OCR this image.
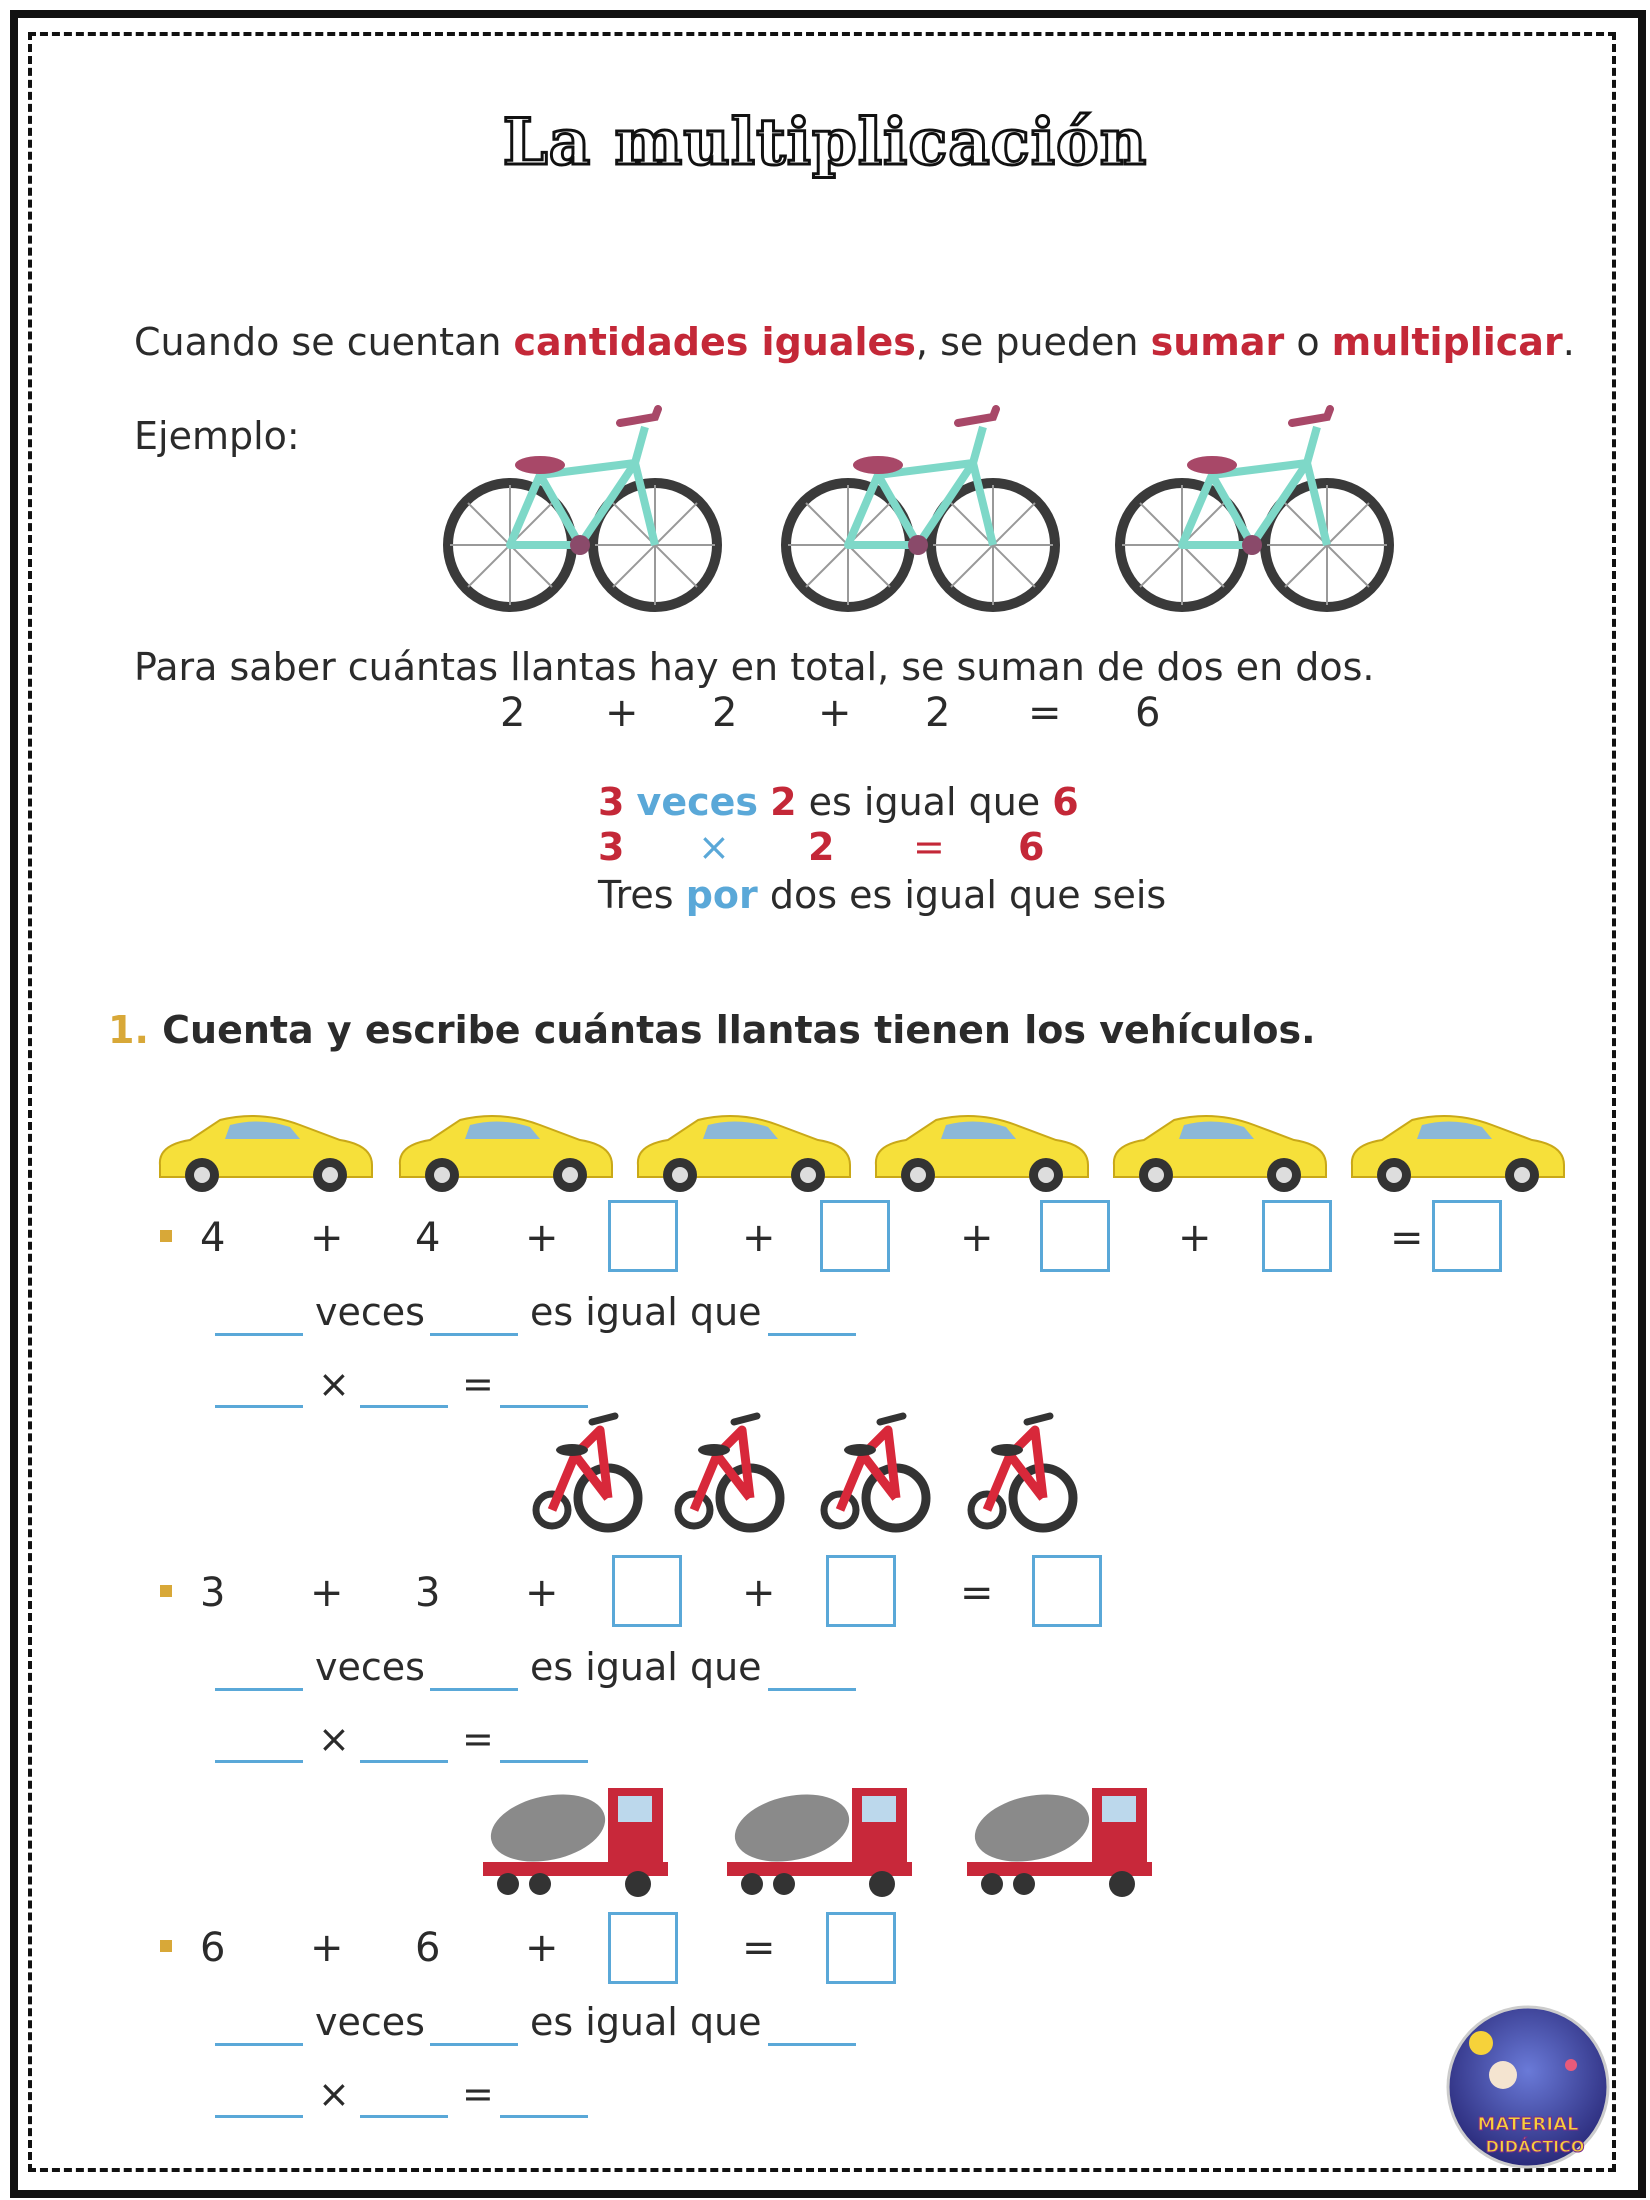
La multiplicación
Cuando se cuentan cantidades iguales, se pueden sumar o multiplicar.
Ejemplo:
Para saber cuántas llantas hay en total, se suman de dos en dos.
2 + 2 + 2 = 6
3 veces 2 es igual que 6
3 × 2 = 6
Tres por dos es igual que seis
1. Cuenta y escribe cuántas llantas tienen los vehículos.
4 + 4 +	+	+	+	=
veces	es igual que
×	=
3 + 3 +	+	=
veces	es igual que
×	=
6 + 6 +	=
veces	es igual que
×	=
MATERIAL
DIDÁCTICO
